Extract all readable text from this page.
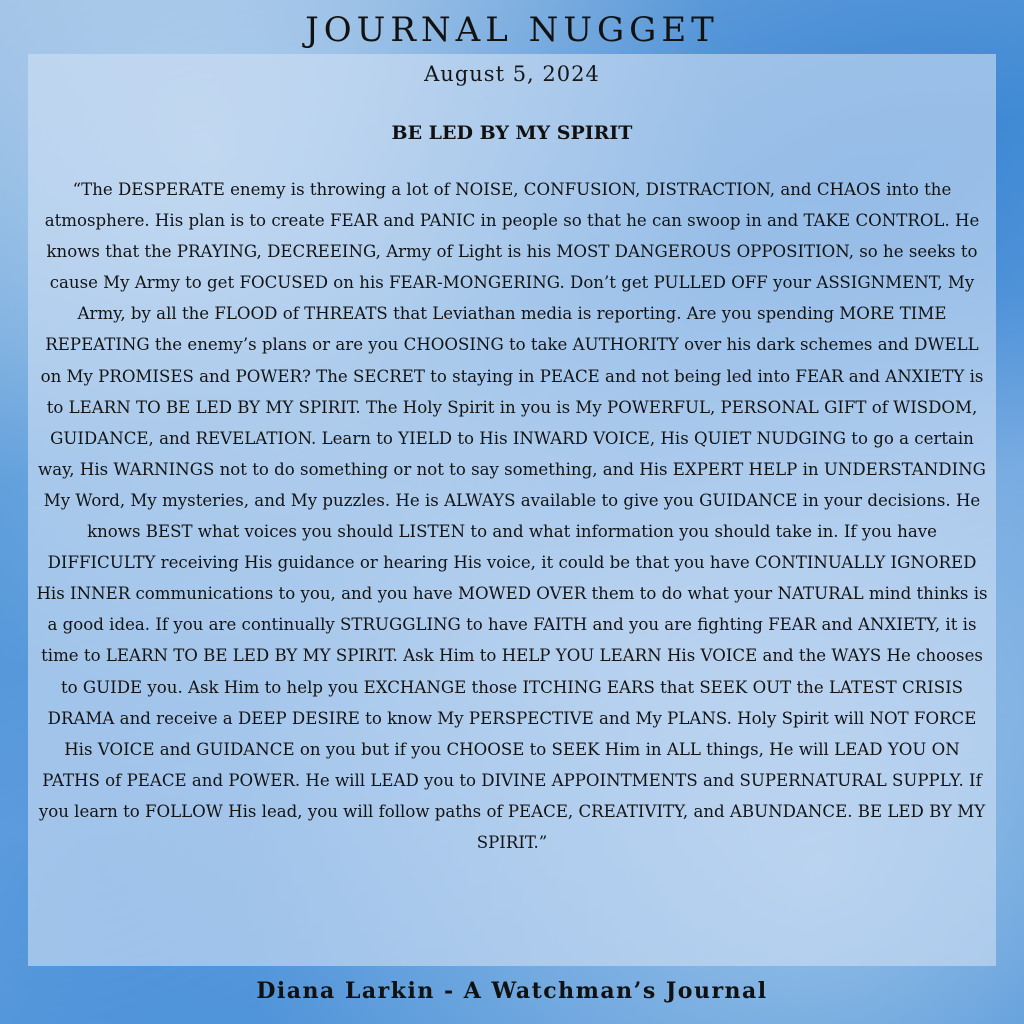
JOURNAL NUGGET
August 5, 2024
BE LED BY MY SPIRIT

“The DESPERATE enemy is throwing a lot of NOISE, CONFUSION, DISTRACTION, and CHAOS into the atmosphere. His plan is to create FEAR and PANIC in people so that he can swoop in and TAKE CONTROL. He knows that the PRAYING, DECREEING, Army of Light is his MOST DANGEROUS OPPOSITION, so he seeks to cause My Army to get FOCUSED on his FEAR-MONGERING. Don’t get PULLED OFF your ASSIGNMENT, My Army, by all the FLOOD of THREATS that Leviathan media is reporting. Are you spending MORE TIME REPEATING the enemy’s plans or are you CHOOSING to take AUTHORITY over his dark schemes and DWELL on My PROMISES and POWER? The SECRET to staying in PEACE and not being led into FEAR and ANXIETY is to LEARN TO BE LED BY MY SPIRIT. The Holy Spirit in you is My POWERFUL, PERSONAL GIFT of WISDOM, GUIDANCE, and REVELATION. Learn to YIELD to His INWARD VOICE, His QUIET NUDGING to go a certain way, His WARNINGS not to do something or not to say something, and His EXPERT HELP in UNDERSTANDING My Word, My mysteries, and My puzzles. He is ALWAYS available to give you GUIDANCE in your decisions. He knows BEST what voices you should LISTEN to and what information you should take in. If you have DIFFICULTY receiving His guidance or hearing His voice, it could be that you have CONTINUALLY IGNORED His INNER communications to you, and you have MOWED OVER them to do what your NATURAL mind thinks is a good idea. If you are continually STRUGGLING to have FAITH and you are fighting FEAR and ANXIETY, it is time to LEARN TO BE LED BY MY SPIRIT. Ask Him to HELP YOU LEARN His VOICE and the WAYS He chooses to GUIDE you. Ask Him to help you EXCHANGE those ITCHING EARS that SEEK OUT the LATEST CRISIS DRAMA and receive a DEEP DESIRE to know My PERSPECTIVE and My PLANS. Holy Spirit will NOT FORCE His VOICE and GUIDANCE on you but if you CHOOSE to SEEK Him in ALL things, He will LEAD YOU ON PATHS of PEACE and POWER. He will LEAD you to DIVINE APPOINTMENTS and SUPERNATURAL SUPPLY. If you learn to FOLLOW His lead, you will follow paths of PEACE, CREATIVITY, and ABUNDANCE. BE LED BY MY SPIRIT.”

Diana Larkin - A Watchman’s Journal
